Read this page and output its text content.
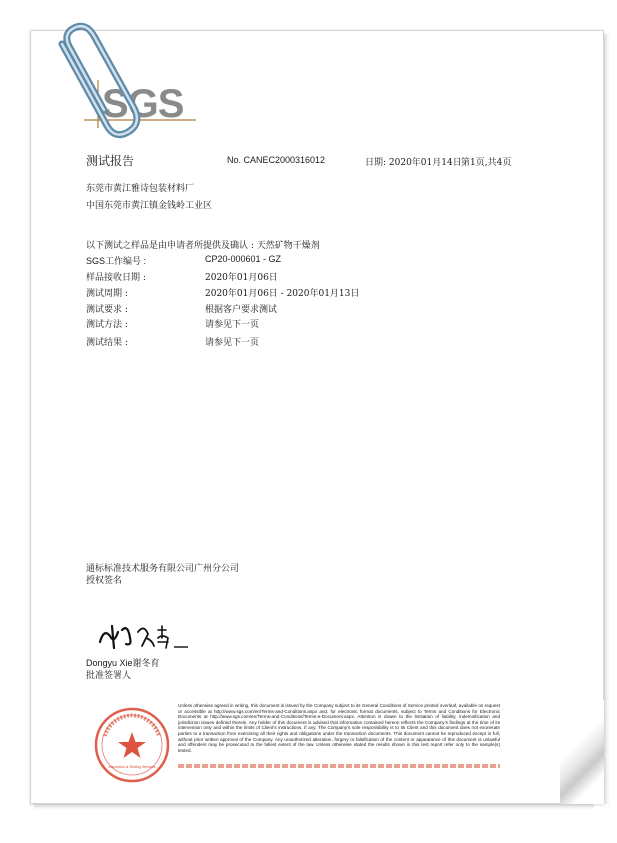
SGS
测试报告	No. CANEC2000316012	日期: 2020年01月14日 第1页,共4页
东莞市黄江雅诗包装材料厂
中国东莞市黄江镇金钱岭工业区
以下测试之样品是由申请者所提供及确认 : 天然矿物干燥剂
SGS工作编号 :	CP20-000601 - GZ
样品接收日期 :	2020年01月06日
测试周期 :	2020年01月06日 - 2020年01月13日
测试要求 :	根据客户要求测试
测试方法 :	请参见下一页
测试结果 :	请参见下一页
通标标准技术服务有限公司广州分公司
授权签名
Dongyu Xie谢冬育
批准签署人
Inspection & Testing Services
Unless otherwise agreed in writing, this document is issued by the Company subject to its General Conditions of Service printed overleaf, available on request or accessible at http://www.sgs.com/en/Terms-and-Conditions.aspx and, for electronic format documents, subject to Terms and Conditions for Electronic Documents at http://www.sgs.com/en/Terms-and-Conditions/Terms-e-Document.aspx. Attention is drawn to the limitation of liability, indemnification and jurisdiction issues defined therein. Any holder of this document is advised that information contained hereon reflects the Company's findings at the time of its intervention only and within the limits of Client's instructions, if any. The Company's sole responsibility is to its Client and this document does not exonerate parties to a transaction from exercising all their rights and obligations under the transaction documents. This document cannot be reproduced except in full, without prior written approval of the Company. Any unauthorized alteration, forgery or falsification of the content or appearance of this document is unlawful and offenders may be prosecuted to the fullest extent of the law. Unless otherwise stated the results shown in this test report refer only to the sample(s) tested.
